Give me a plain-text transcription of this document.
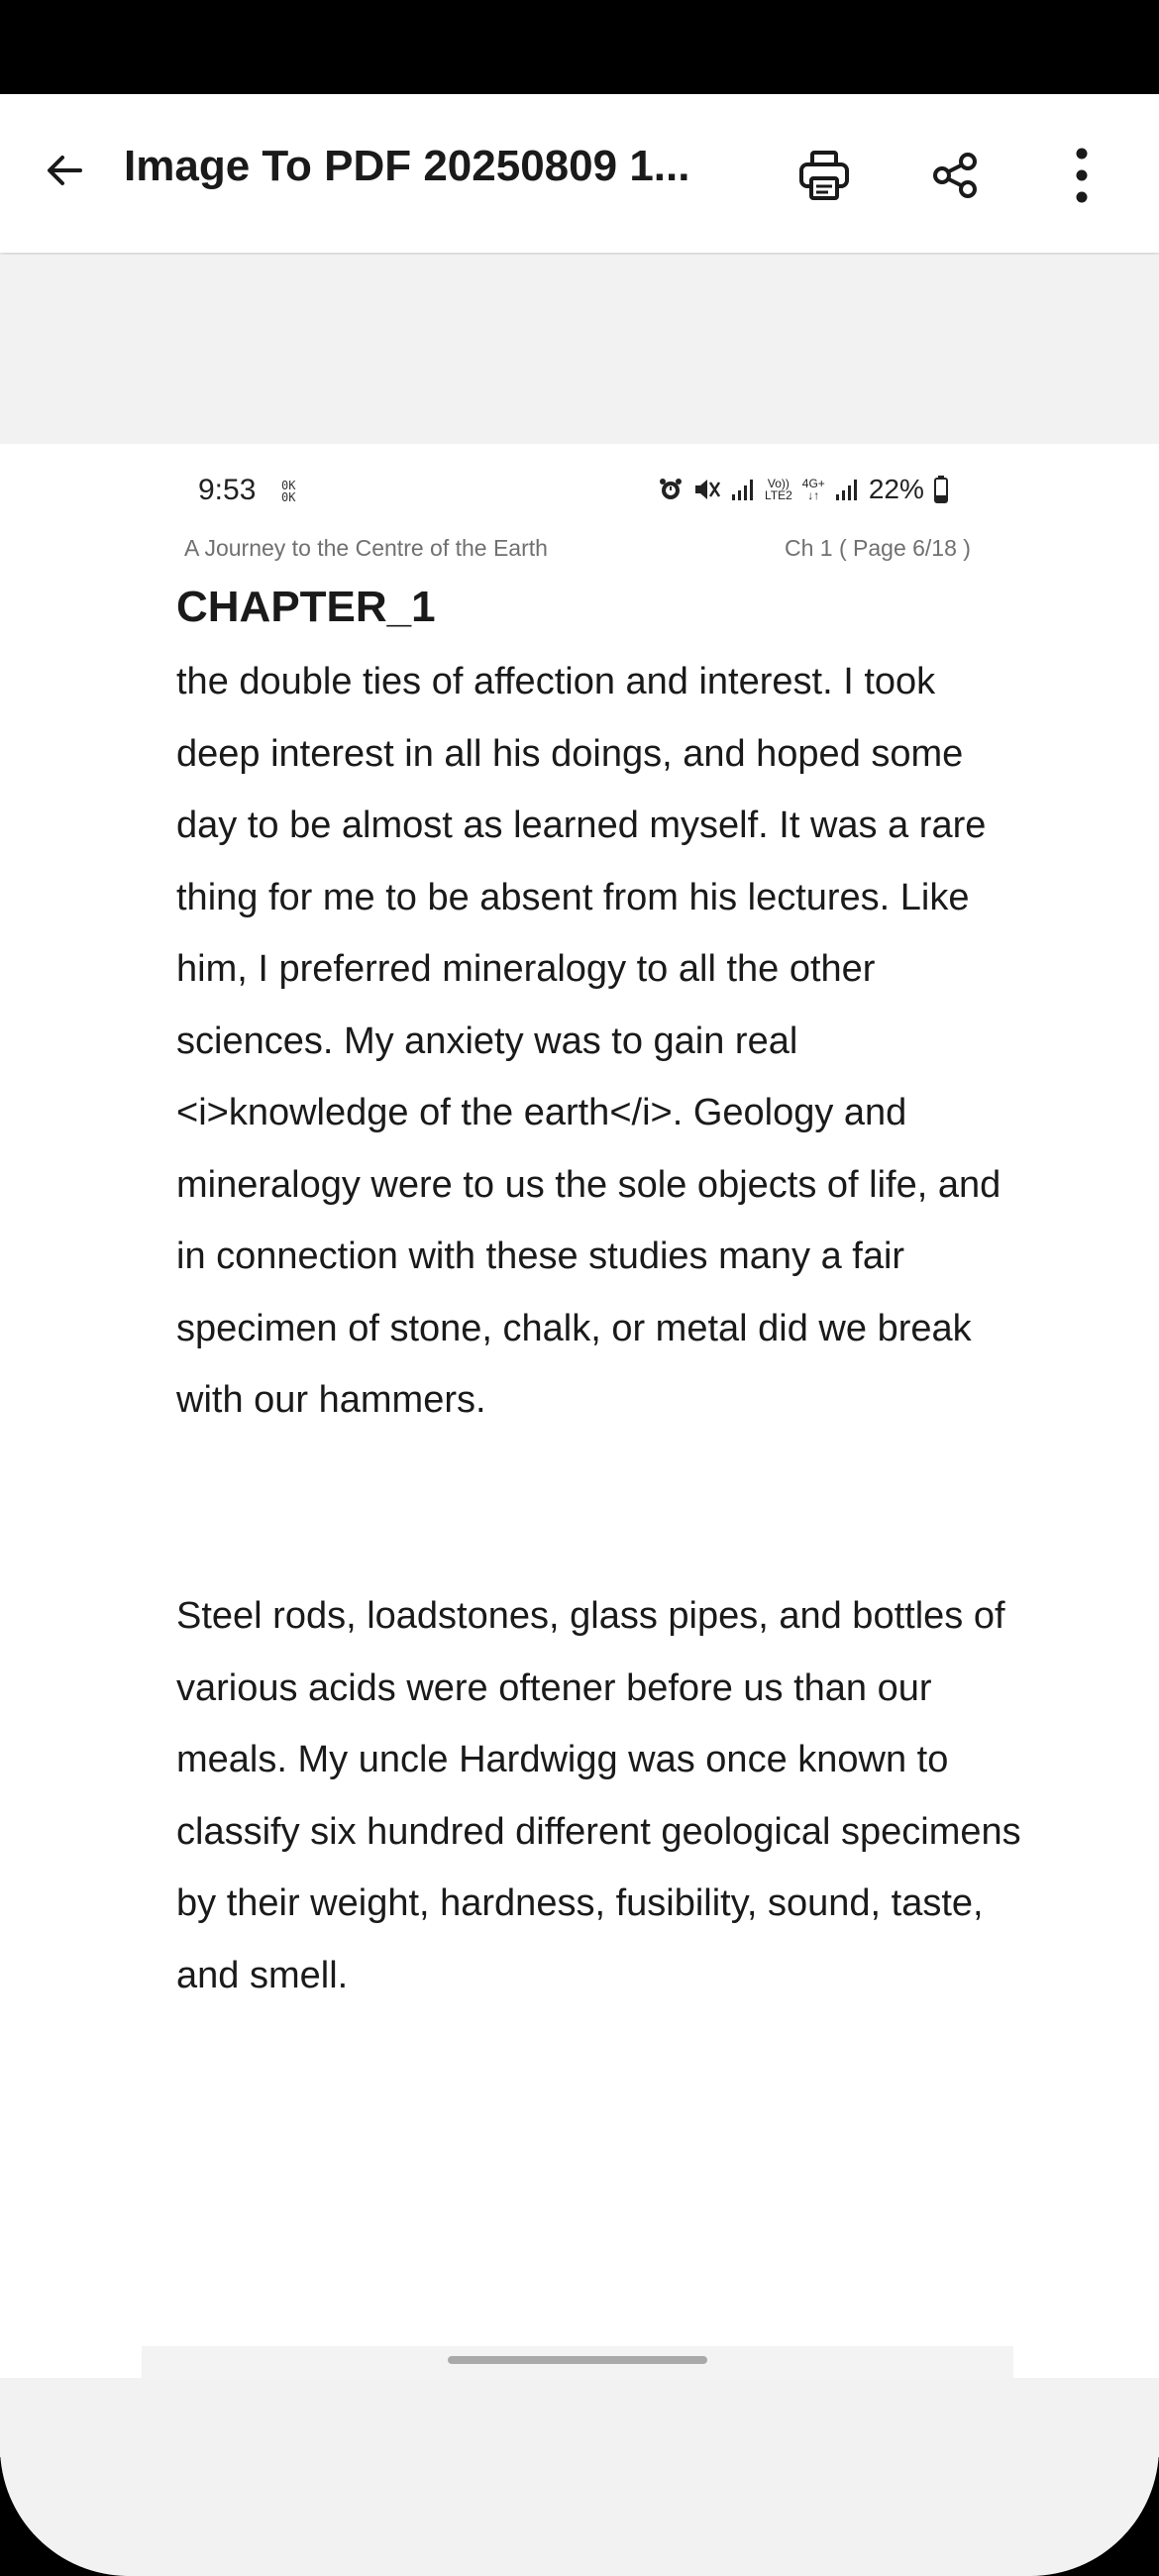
Image To PDF 20250809 1...
9:53 0K
0K
Vo))
LTE2
4G+
↓↑ 22%
A Journey to the Centre of the Earth	Ch 1 ( Page 6/18 )
CHAPTER_1
the double ties of affection and interest. I took deep interest in all his doings, and hoped some day to be almost as learned myself. It was a rare thing for me to be absent from his lectures. Like him, I preferred mineralogy to all the other sciences. My anxiety was to gain real <i>knowledge of the earth</i>. Geology and mineralogy were to us the sole objects of life, and in connection with these studies many a fair specimen of stone, chalk, or metal did we break with our hammers.
Steel rods, loadstones, glass pipes, and bottles of various acids were oftener before us than our meals. My uncle Hardwigg was once known to classify six hundred different geological specimens by their weight, hardness, fusibility, sound, taste, and smell.
